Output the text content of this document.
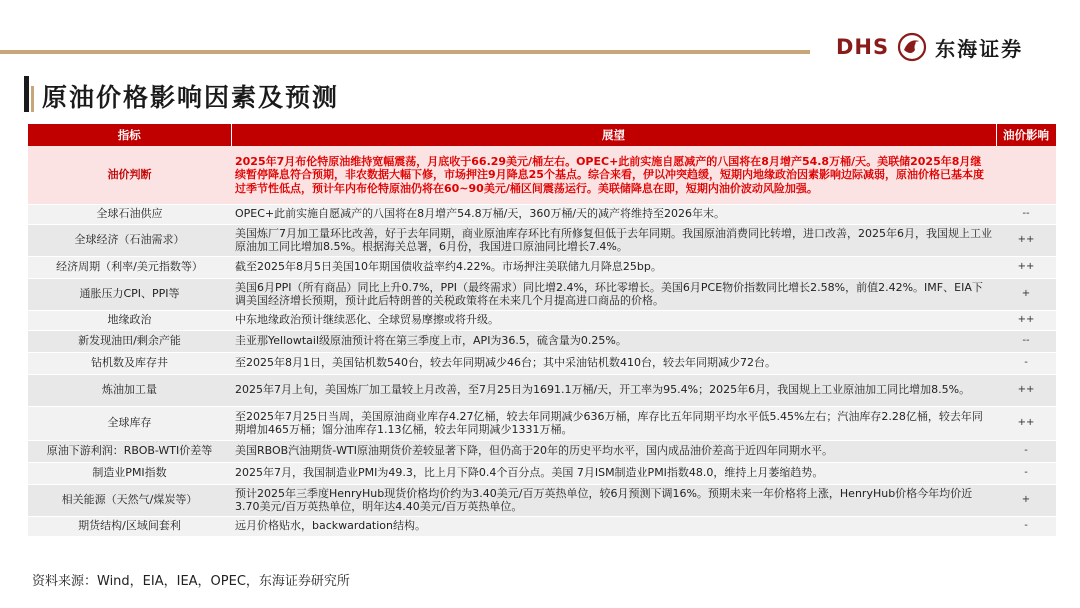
DHS 东海证券
原油价格影响因素及预测
指标	展望	油价影响
油价判断	2025年7月布伦特原油维持宽幅震荡，月底收于66.29美元/桶左右。OPEC+此前实施自愿减产的八国将在8月增产54.8万桶/天。美联储2025年8月继续暂停降息符合预期，非农数据大幅下修，市场押注9月降息25个基点。综合来看，伊以冲突趋缓，短期内地缘政治因素影响边际减弱，原油价格已基本度过季节性低点，预计年内布伦特原油仍将在60~90美元/桶区间震荡运行。美联储降息在即，短期内油价波动风险加强。	
全球石油供应	OPEC+此前实施自愿减产的八国将在8月增产54.8万桶/天，360万桶/天的减产将维持至2026年末。	--
全球经济（石油需求）	美国炼厂7月加工量环比改善，好于去年同期，商业原油库存环比有所修复但低于去年同期。我国原油消费同比转增，进口改善，2025年6月，我国规上工业原油加工同比增加8.5%。根据海关总署，6月份，我国进口原油同比增长7.4%。	++
经济周期（利率/美元指数等）	截至2025年8月5日美国10年期国债收益率约4.22%。市场押注美联储九月降息25bp。	++
通胀压力CPI、PPI等	美国6月PPI（所有商品）同比上升0.7%，PPI（最终需求）同比增2.4%，环比零增长。美国6月PCE物价指数同比增长2.58%，前值2.42%。IMF、EIA下调美国经济增长预期，预计此后特朗普的关税政策将在未来几个月提高进口商品的价格。	+
地缘政治	中东地缘政治预计继续恶化、全球贸易摩擦或将升级。	++
新发现油田/剩余产能	圭亚那Yellowtail级原油预计将在第三季度上市，API为36.5，硫含量为0.25%。	--
钻机数及库存井	至2025年8月1日，美国钻机数540台，较去年同期减少46台；其中采油钻机数410台，较去年同期减少72台。	-
炼油加工量	2025年7月上旬，美国炼厂加工量较上月改善，至7月25日为1691.1万桶/天，开工率为95.4%；2025年6月，我国规上工业原油加工同比增加8.5%。	++
全球库存	至2025年7月25日当周，美国原油商业库存4.27亿桶，较去年同期减少636万桶，库存比五年同期平均水平低5.45%左右；汽油库存2.28亿桶，较去年同期增加465万桶；馏分油库存1.13亿桶，较去年同期减少1331万桶。	++
原油下游利润：RBOB-WTI价差等	美国RBOB汽油期货-WTI原油期货价差较显著下降，但仍高于20年的历史平均水平，国内成品油价差高于近四年同期水平。	-
制造业PMI指数	2025年7月，我国制造业PMI为49.3，比上月下降0.4个百分点。美国 7月ISM制造业PMI指数48.0，维持上月萎缩趋势。	-
相关能源（天然气/煤炭等）	预计2025年三季度HenryHub现货价格均价约为3.40美元/百万英热单位，较6月预测下调16%。预期未来一年价格将上涨，HenryHub价格今年均价近3.70美元/百万英热单位，明年达4.40美元/百万英热单位。	+
期货结构/区域间套利	远月价格贴水，backwardation结构。	-
资料来源：Wind，EIA，IEA，OPEC，东海证券研究所
